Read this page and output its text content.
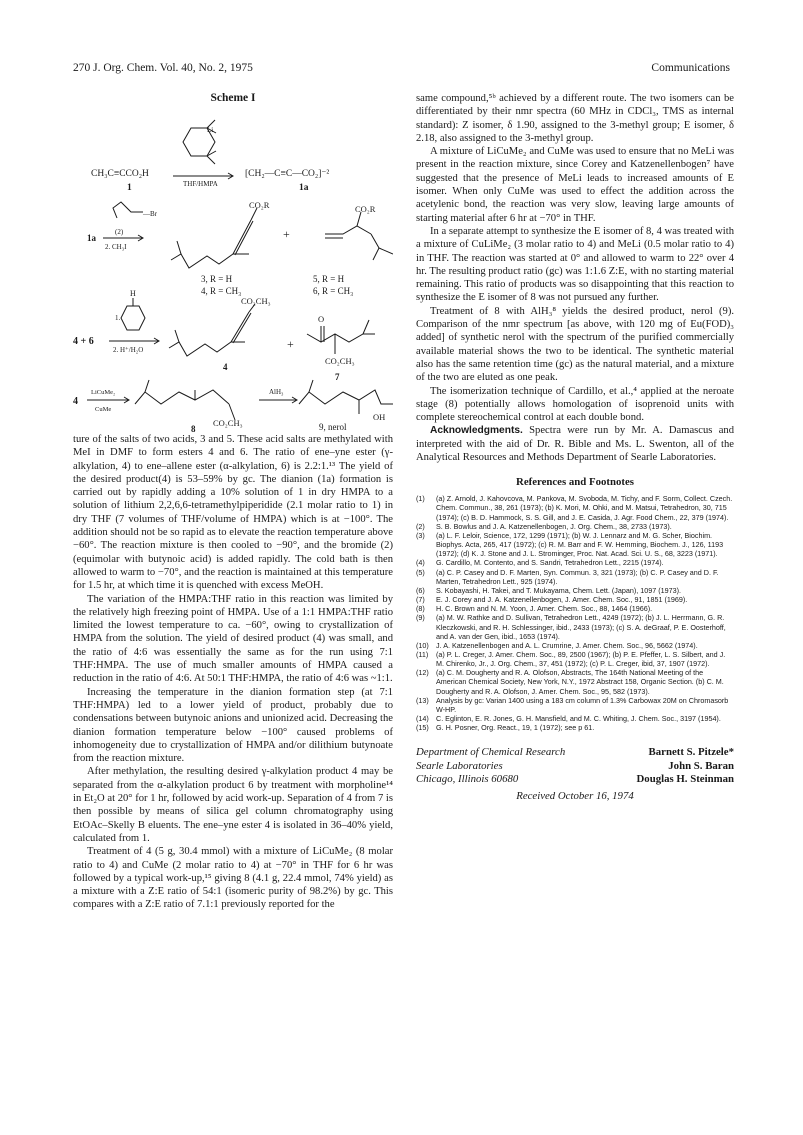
270 J. Org. Chem. Vol. 40, No. 2, 1975	Communications
Scheme I
Li
CH₃C≡CCO₂H
1	THF/HMPA
[CH₂—C≡C—CO₂]⁻²
1a
1a
—Br
(2)
2. CH₃I
CO₂R
3, R = H
4, R = CH₃
+
CO₂R
5, R = H
6, R = CH₃
4 + 6
H
1.
2. H⁺/H₂O
CO₂CH₃
4
+
O
CO₂CH₃
7
4
LiCuMe₂
CuMe
CO₂CH₃
8
AlH₃
OH
9, nerol

ture of the salts of two acids, 3 and 5. These acid salts are methylated with MeI in DMF to form esters 4 and 6. The ratio of ene–yne ester (γ-alkylation, 4) to ene–allene ester (α-alkylation, 6) is 2.2:1.¹³ The yield of the desired product(4) is 53–59% by gc. The dianion (1a) formation is carried out by rapidly adding a 10% solution of 1 in dry HMPA to a solution of lithium 2,2,6,6-tetramethylpiperidide (2.1 molar ratio to 1) in dry THF (7 volumes of THF/volume of HMPA) which is at −100°. The addition should not be so rapid as to elevate the reaction temperature above −60°. The reaction mixture is then cooled to −90°, and the bromide (2) (equimolar with butynoic acid) is added rapidly. The cold bath is then allowed to warm to −70°, and the reaction is maintained at this temperature for 1.5 hr, at which time it is quenched with excess MeOH.

The variation of the HMPA:THF ratio in this reaction was limited by the relatively high freezing point of HMPA. Use of a 1:1 HMPA:THF ratio limited the lowest temperature to ca. −60°, owing to crystallization of HMPA from the solution. The yield of desired product (4) was small, and the ratio of 4:6 was essentially the same as for the run using 7:1 THF:HMPA. The use of much smaller amounts of HMPA caused a reduction in the ratio of 4:6. At 50:1 THF:HMPA, the ratio of 4:6 was ~1:1.

Increasing the temperature in the dianion formation step (at 7:1 THF:HMPA) led to a lower yield of product, probably due to condensations between butynoic anions and unionized acid. Decreasing the dianion formation temperature below −100° caused problems of inhomogeneity due to crystallization of HMPA and/or dilithium butynoate from the reaction mixture.

After methylation, the resulting desired γ-alkylation product 4 may be separated from the α-alkylation product 6 by treatment with morpholine¹⁴ in Et₂O at 20° for 1 hr, followed by acid work-up. Separation of 4 from 7 is then possible by means of silica gel column chromatography using EtOAc–Skelly B eluents. The ene–yne ester 4 is isolated in 36–40% yield, calculated from 1.

Treatment of 4 (5 g, 30.4 mmol) with a mixture of LiCuMe₂ (8 molar ratio to 4) and CuMe (2 molar ratio to 4) at −70° in THF for 6 hr was followed by a typical work-up,¹⁵ giving 8 (4.1 g, 22.4 mmol, 74% yield) as a mixture with a Z:E ratio of 54:1 (isomeric purity of 98.2%) by gc. This compares with a Z:E ratio of 7.1:1 previously reported for the

same compound,⁵ᵇ achieved by a different route. The two isomers can be differentiated by their nmr spectra (60 MHz in CDCl₃, TMS as internal standard): Z isomer, δ 1.90, assigned to the 3-methyl group; E isomer, δ 2.18, also assigned to the 3-methyl group.

A mixture of LiCuMe₂ and CuMe was used to ensure that no MeLi was present in the reaction mixture, since Corey and Katzenellenbogen⁷ have suggested that the presence of MeLi leads to increased amounts of E isomer. When only CuMe was used to effect the addition across the acetylenic bond, the reaction was very slow, leaving large amounts of starting material after 6 hr at −70° in THF.

In a separate attempt to synthesize the E isomer of 8, 4 was treated with a mixture of CuLiMe₂ (3 molar ratio to 4) and MeLi (0.5 molar ratio to 4) in THF. The reaction was started at 0° and allowed to warm to 22° over 4 hr. The resulting product ratio (gc) was 1:1.6 Z:E, with no starting material remaining. This ratio of products was so disappointing that this reaction to synthesize the E isomer of 8 was not pursued any further.

Treatment of 8 with AlH₃⁸ yields the desired product, nerol (9). Comparison of the nmr spectrum [as above, with 120 mg of Eu(FOD)₃ added] of synthetic nerol with the spectrum of the purified commercially available material shows the two to be identical. The synthetic material also has the same retention time (gc) as the natural material, and a mixture of the two are eluted as one peak.

The isomerization technique of Cardillo, et al.,⁴ applied at the neroate stage (8) potentially allows homologation of isoprenoid units with complete stereochemical control at each double bond.

Acknowledgments. Spectra were run by Mr. A. Damascus and interpreted with the aid of Dr. R. Bible and Ms. L. Swenton, all of the Analytical Resources and Methods Department of Searle Laboratories.

References and Footnotes
(1)	(a) Z. Arnold, J. Kahovcova, M. Pankova, M. Svoboda, M. Tichy, and F. Sorm, Collect. Czech. Chem. Commun., 38, 261 (1973); (b) K. Mori, M. Ohki, and M. Matsui, Tetrahedron, 30, 715 (1974); (c) B. D. Hammock, S. S. Gill, and J. E. Casida, J. Agr. Food Chem., 22, 379 (1974).
(2)	S. B. Bowlus and J. A. Katzenellenbogen, J. Org. Chem., 38, 2733 (1973).
(3)	(a) L. F. Leloir, Science, 172, 1299 (1971); (b) W. J. Lennarz and M. G. Scher, Biochim. Biophys. Acta, 265, 417 (1972); (c) R. M. Barr and F. W. Hemming, Biochem. J., 126, 1193 (1972); (d) K. J. Stone and J. L. Strominger, Proc. Nat. Acad. Sci. U. S., 68, 3223 (1971).
(4)	G. Cardillo, M. Contento, and S. Sandri, Tetrahedron Lett., 2215 (1974).
(5)	(a) C. P. Casey and D. F. Marten, Syn. Commun. 3, 321 (1973); (b) C. P. Casey and D. F. Marten, Tetrahedron Lett., 925 (1974).
(6)	S. Kobayashi, H. Takei, and T. Mukayama, Chem. Lett. (Japan), 1097 (1973).
(7)	E. J. Corey and J. A. Katzenellenbogen, J. Amer. Chem. Soc., 91, 1851 (1969).
(8)	H. C. Brown and N. M. Yoon, J. Amer. Chem. Soc., 88, 1464 (1966).
(9)	(a) M. W. Rathke and D. Sullivan, Tetrahedron Lett., 4249 (1972); (b) J. L. Herrmann, G. R. Kleczkowski, and R. H. Schlessinger, ibid., 2433 (1973); (c) S. A. deGraaf, P. E. Oosterhoff, and A. van der Gen, ibid., 1653 (1974).
(10)	J. A. Katzenellenbogen and A. L. Crumrine, J. Amer. Chem. Soc., 96, 5662 (1974).
(11)	(a) P. L. Creger, J. Amer. Chem. Soc., 89, 2500 (1967); (b) P. E. Pfeffer, L. S. Silbert, and J. M. Chirenko, Jr., J. Org. Chem., 37, 451 (1972); (c) P. L. Creger, ibid, 37, 1907 (1972).
(12)	(a) C. M. Dougherty and R. A. Olofson, Abstracts, The 164th National Meeting of the American Chemical Society, New York, N.Y., 1972 Abstract 158, Organic Section. (b) C. M. Dougherty and R. A. Olofson, J. Amer. Chem. Soc., 95, 582 (1973).
(13)	Analysis by gc: Varian 1400 using a 183 cm column of 1.3% Carbowax 20M on Chromasorb W-HP.
(14)	C. Eglinton, E. R. Jones, G. H. Mansfield, and M. C. Whiting, J. Chem. Soc., 3197 (1954).
(15)	G. H. Posner, Org. React., 19, 1 (1972); see p 61.
Department of Chemical Research
Searle Laboratories
Chicago, Illinois 60680
Barnett S. Pitzele*
John S. Baran
Douglas H. Steinman
Received October 16, 1974
